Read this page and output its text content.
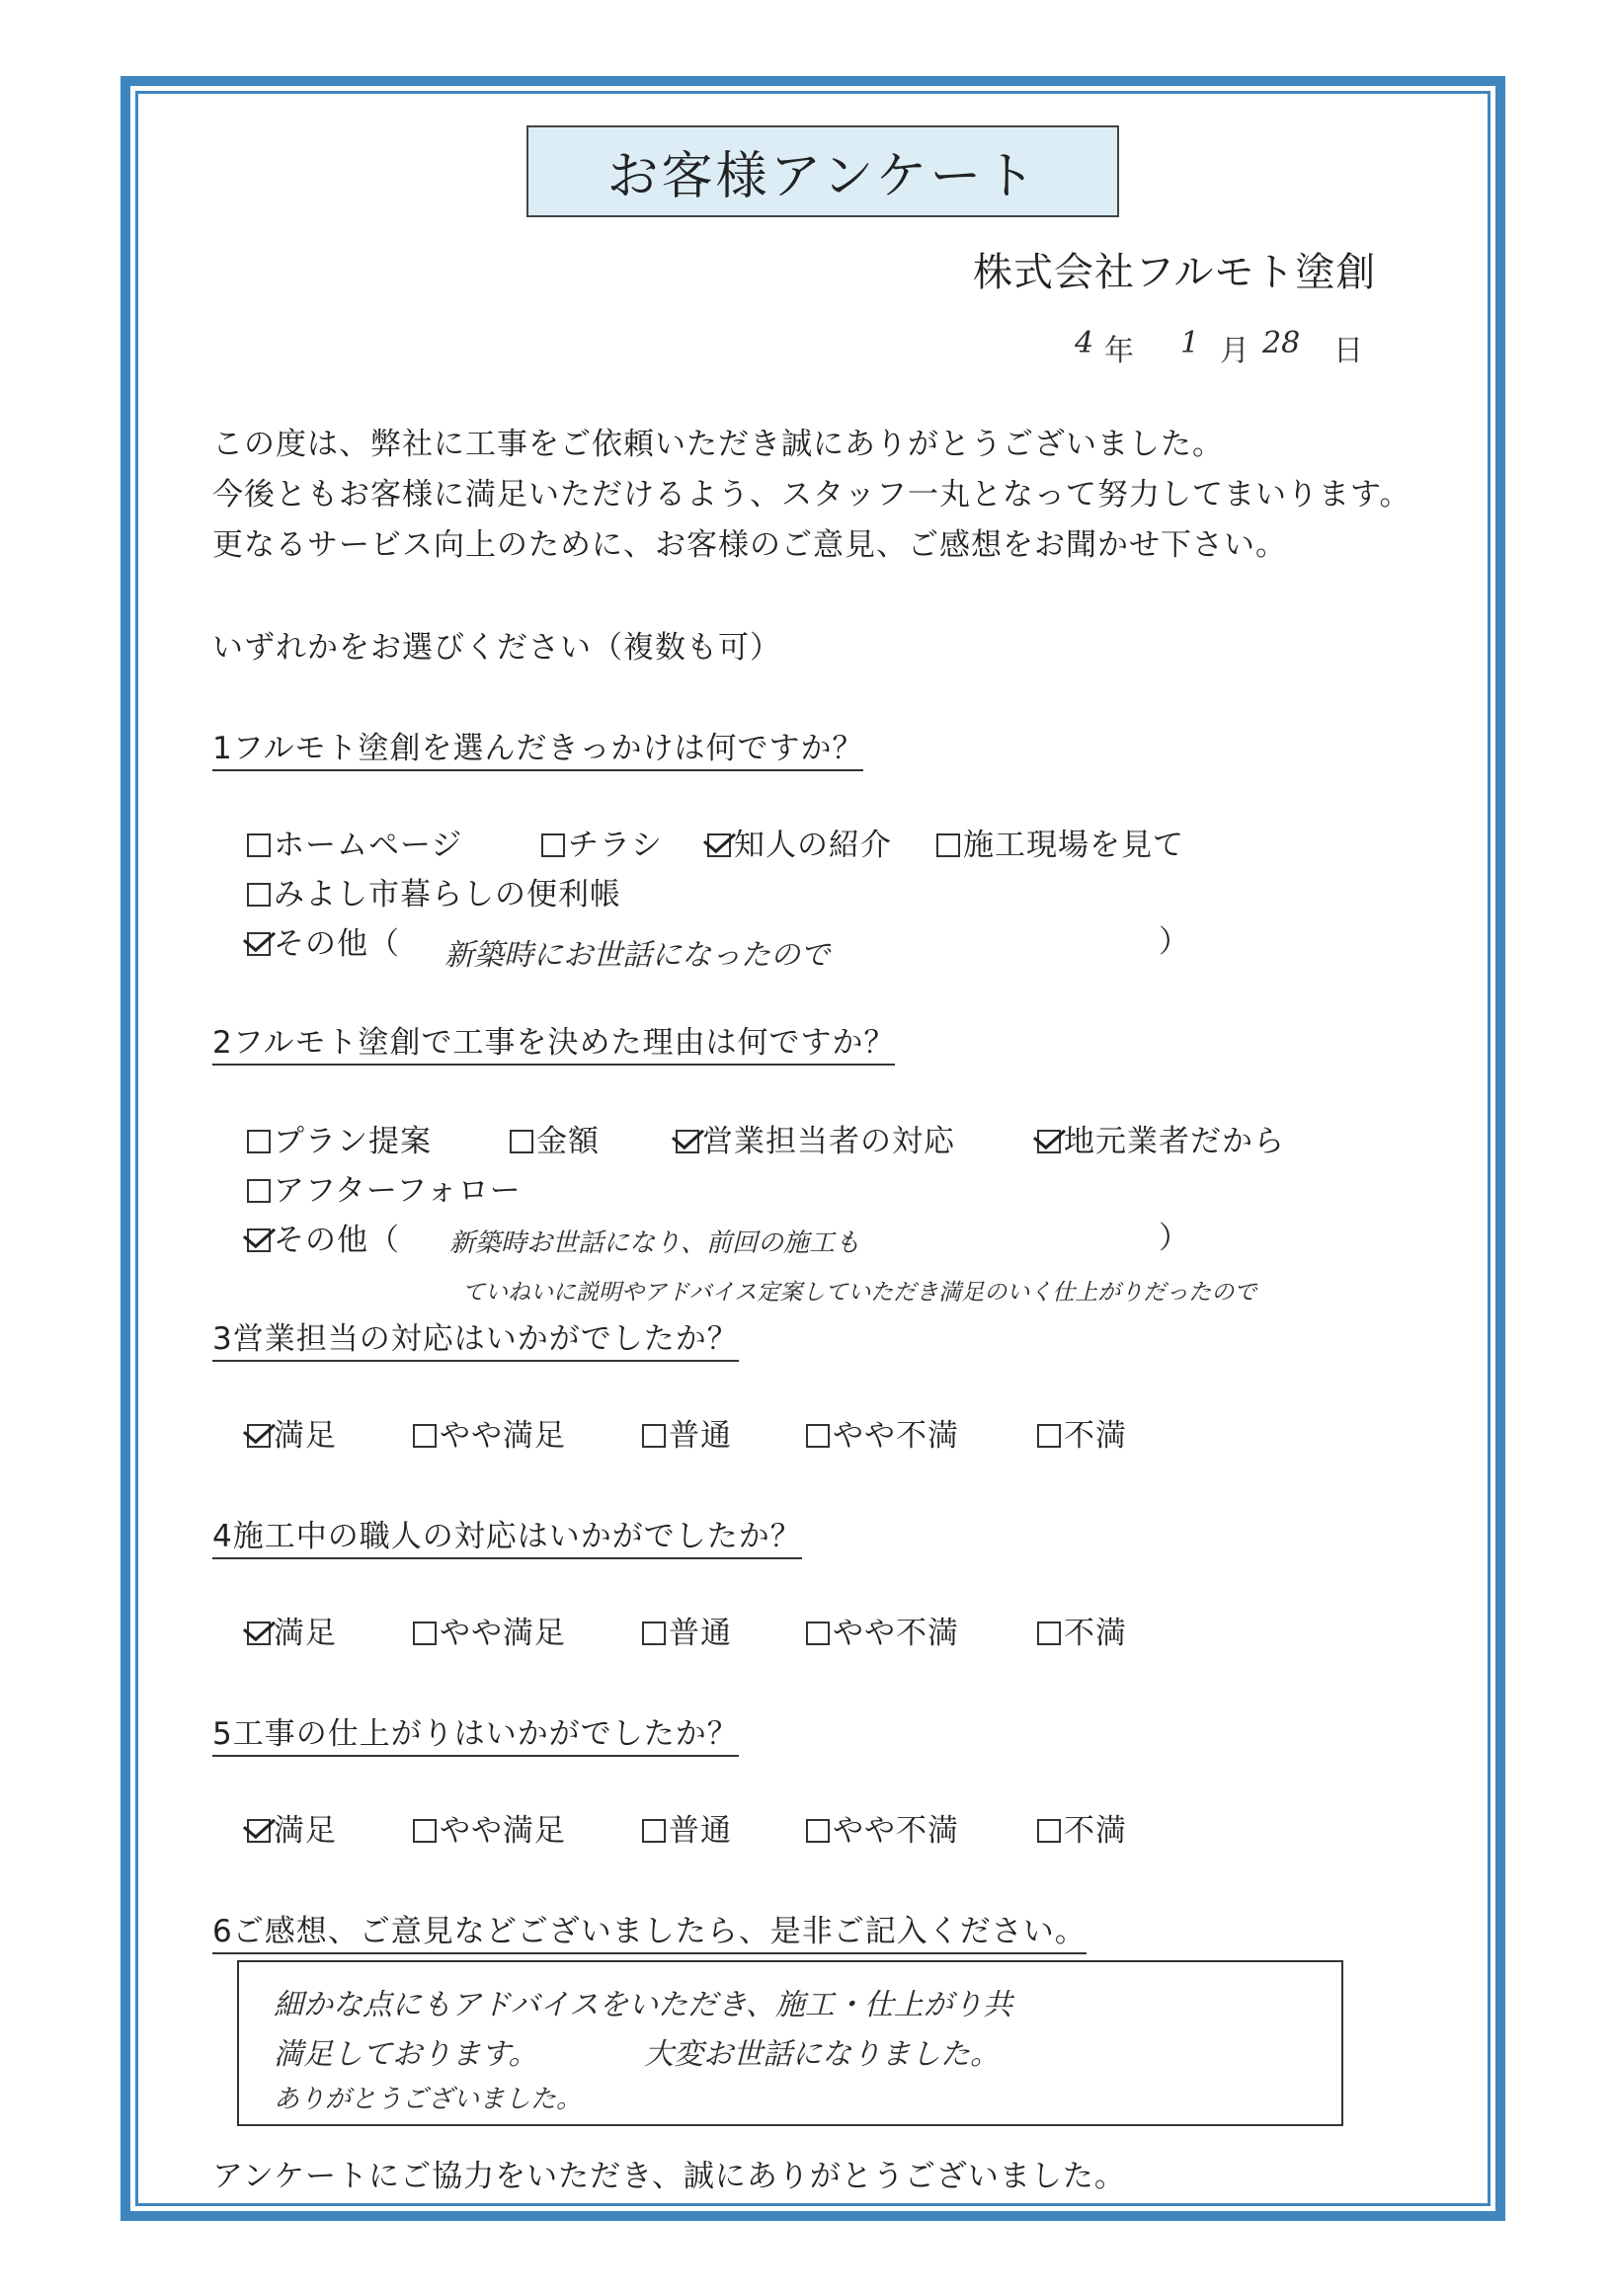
お客様アンケート
株式会社フルモト塗創
4 年 1 月 28 日
この度は、弊社に工事をご依頼いただき誠にありがとうございました。
今後ともお客様に満足いただけるよう、スタッフ一丸となって努力してまいります。
更なるサービス向上のために、お客様のご意見、ご感想をお聞かせ下さい。
いずれかをお選びください（複数も可）
1フルモト塗創を選んだきっかけは何ですか？
ホームページ	チラシ	知人の紹介	施工現場を見て
みよし市暮らしの便利帳
その他（ 新築時にお世話になったので	）
2フルモト塗創で工事を決めた理由は何ですか？
プラン提案	金額	営業担当者の対応	地元業者だから
アフターフォロー
その他（ 新築時お世話になり、前回の施工も	）
ていねいに説明やアドバイス定案していただき満足のいく仕上がりだったので
3営業担当の対応はいかがでしたか？
満足	やや満足	普通	やや不満	不満
4施工中の職人の対応はいかがでしたか？
満足	やや満足	普通	やや不満	不満
5工事の仕上がりはいかがでしたか？
満足	やや満足	普通	やや不満	不満
6ご感想、ご意見などございましたら、是非ご記入ください。
細かな点にもアドバイスをいただき、施工・仕上がり共
満足しております。	大変お世話になりました。
ありがとうございました。
アンケートにご協力をいただき、誠にありがとうございました。
